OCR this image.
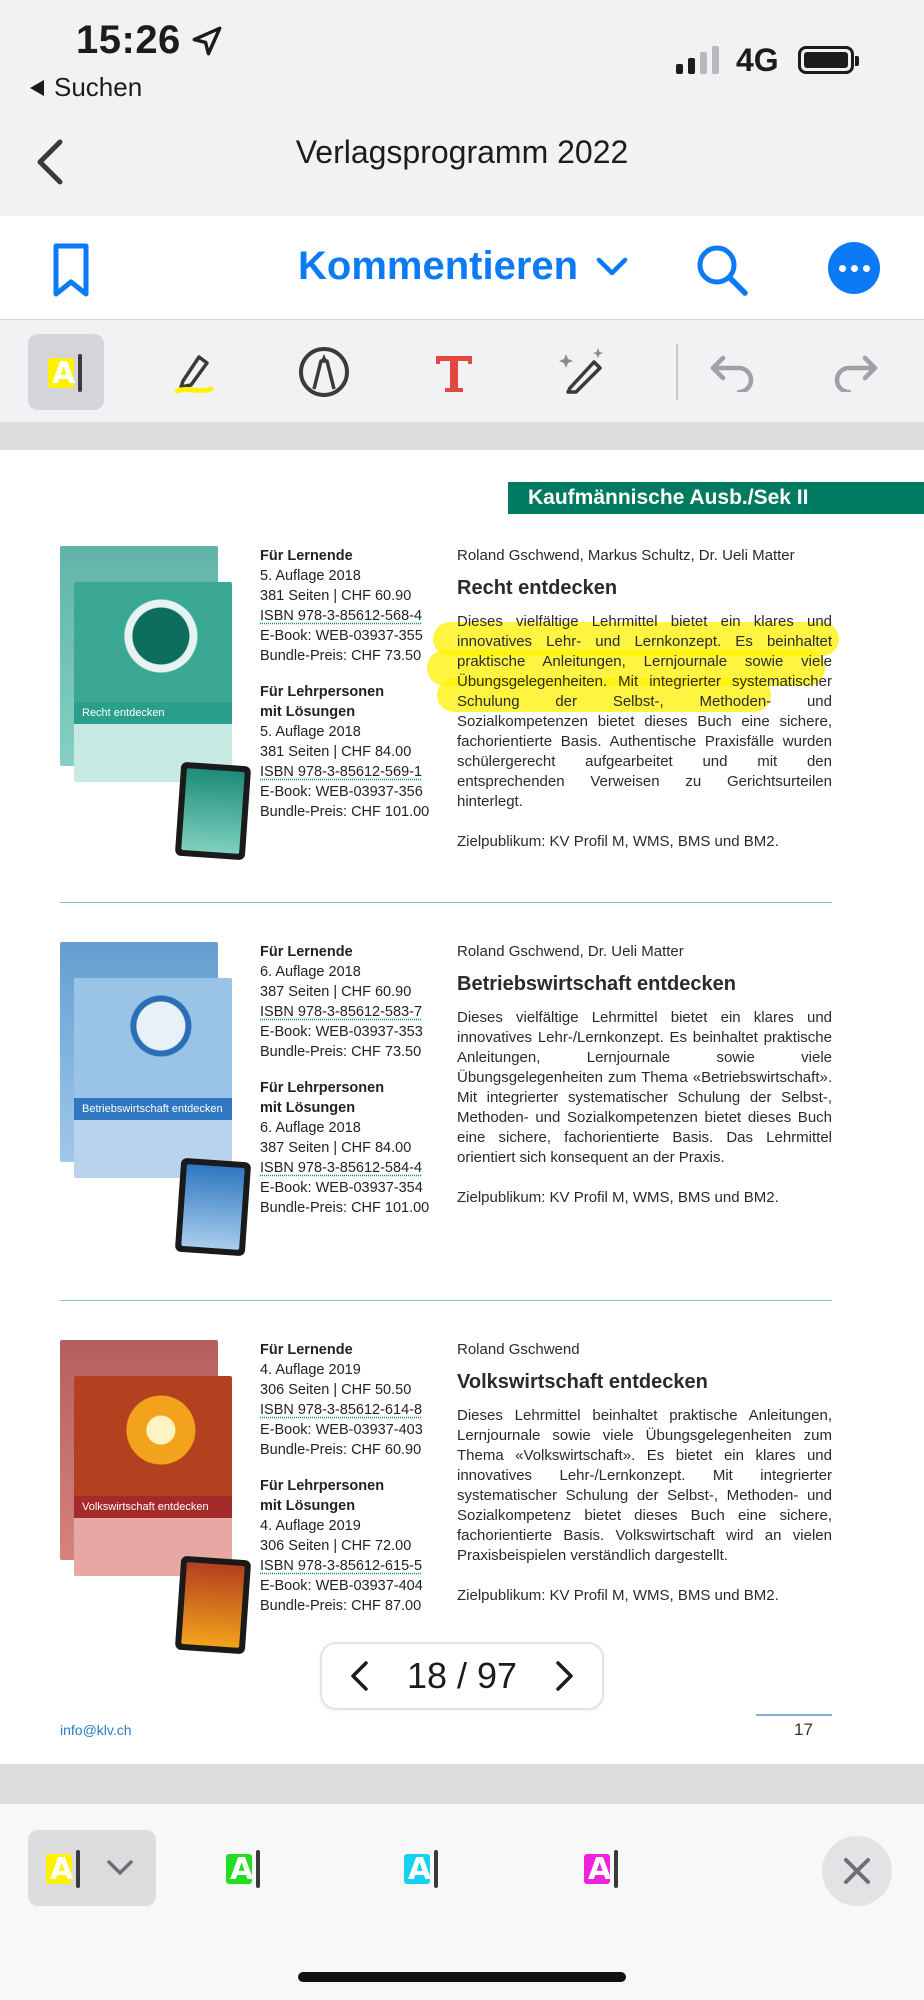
15:26
Suchen
4G
Verlagsprogramm 2022
Kommentieren
A
Kaufmännische Ausb./Sek II
Recht entdecken
Für Lernende
5. Auflage 2018
381 Seiten | CHF 60.90
ISBN 978-3-85612-568-4
E-Book: WEB-03937-355
Bundle-Preis: CHF 73.50
Für Lehrpersonen
mit Lösungen
5. Auflage 2018
381 Seiten | CHF 84.00
ISBN 978-3-85612-569-1
E-Book: WEB-03937-356
Bundle-Preis: CHF 101.00
Roland Gschwend, Markus Schultz, Dr. Ueli Matter
Recht entdecken
Dieses vielfältige Lehrmittel bietet ein klares und innovatives Lehr- und Lernkonzept. Es beinhaltet praktische Anleitungen, Lernjournale sowie viele Übungsgelegenheiten. Mit integrierter systematischer Schulung der Selbst-, Methoden- und Sozialkompetenzen bietet dieses Buch eine sichere, fachorientierte Basis. Authentische Praxisfälle wurden schülergerecht aufgearbeitet und mit den entsprechenden Verweisen zu Gerichtsurteilen hinterlegt.
Zielpublikum: KV Profil M, WMS, BMS und BM2.
Betriebswirtschaft entdecken
Für Lernende
6. Auflage 2018
387 Seiten | CHF 60.90
ISBN 978-3-85612-583-7
E-Book: WEB-03937-353
Bundle-Preis: CHF 73.50
Für Lehrpersonen
mit Lösungen
6. Auflage 2018
387 Seiten | CHF 84.00
ISBN 978-3-85612-584-4
E-Book: WEB-03937-354
Bundle-Preis: CHF 101.00
Roland Gschwend, Dr. Ueli Matter
Betriebswirtschaft entdecken
Dieses vielfältige Lehrmittel bietet ein klares und innovatives Lehr-/Lernkonzept. Es beinhaltet praktische Anleitungen, Lernjournale sowie viele Übungsgelegenheiten zum Thema «Betriebswirtschaft». Mit integrierter systematischer Schulung der Selbst-, Methoden- und Sozialkompetenzen bietet dieses Buch eine sichere, fachorientierte Basis. Das Lehrmittel orientiert sich konsequent an der Praxis.
Zielpublikum: KV Profil M, WMS, BMS und BM2.
Volkswirtschaft entdecken
Für Lernende
4. Auflage 2019
306 Seiten | CHF 50.50
ISBN 978-3-85612-614-8
E-Book: WEB-03937-403
Bundle-Preis: CHF 60.90
Für Lehrpersonen
mit Lösungen
4. Auflage 2019
306 Seiten | CHF 72.00
ISBN 978-3-85612-615-5
E-Book: WEB-03937-404
Bundle-Preis: CHF 87.00
Roland Gschwend
Volkswirtschaft entdecken
Dieses Lehrmittel beinhaltet praktische Anleitungen, Lernjournale sowie viele Übungsgelegenheiten zum Thema «Volkswirtschaft». Es bietet ein klares und innovatives Lehr-/Lernkonzept. Mit integrierter systematischer Schulung der Selbst-, Methoden- und Sozialkompetenz bietet dieses Buch eine sichere, fachorientierte Basis. Volkswirtschaft wird an vielen Praxisbeispielen verständlich dargestellt.
Zielpublikum: KV Profil M, WMS, BMS und BM2.
18 / 97
info@klv.ch	17
A	A	A	A
